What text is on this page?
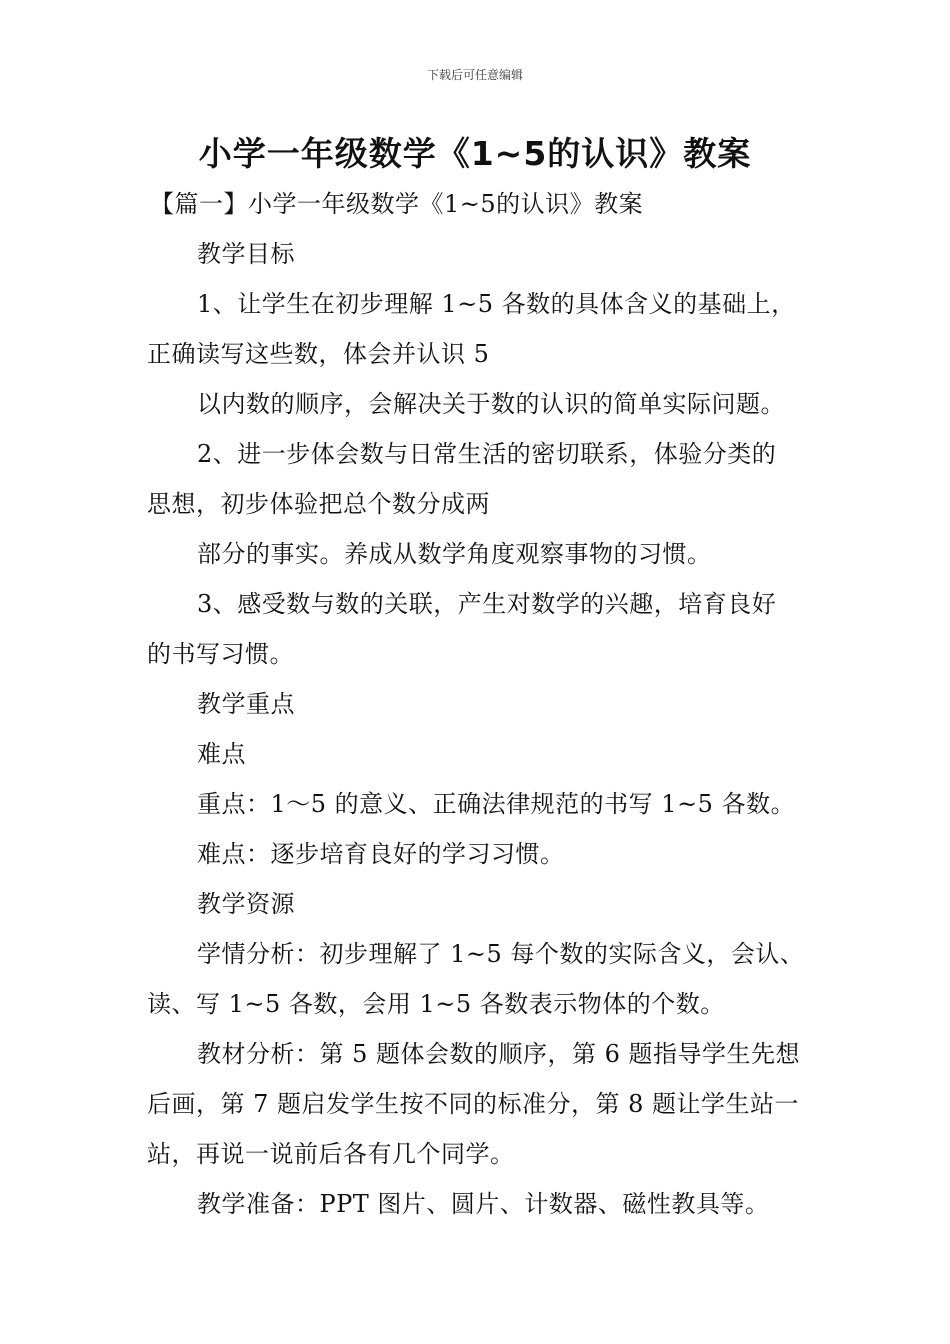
下载后可任意编辑
小学一年级数学《1~5的认识》教案
【篇一】小学一年级数学《1~5的认识》教案
教学目标
1、让学生在初步理解 1~5 各数的具体含义的基础上，
正确读写这些数，体会并认识 5
以内数的顺序，会解决关于数的认识的简单实际问题。
2、进一步体会数与日常生活的密切联系，体验分类的
思想，初步体验把总个数分成两
部分的事实。养成从数学角度观察事物的习惯。
3、感受数与数的关联，产生对数学的兴趣，培育良好
的书写习惯。
教学重点
难点
重点：1～5 的意义、正确法律规范的书写 1~5 各数。
难点：逐步培育良好的学习习惯。
教学资源
学情分析：初步理解了 1~5 每个数的实际含义，会认、
读、写 1~5 各数，会用 1~5 各数表示物体的个数。
教材分析：第 5 题体会数的顺序，第 6 题指导学生先想
后画，第 7 题启发学生按不同的标准分，第 8 题让学生站一
站，再说一说前后各有几个同学。
教学准备：PPT 图片、圆片、计数器、磁性教具等。
